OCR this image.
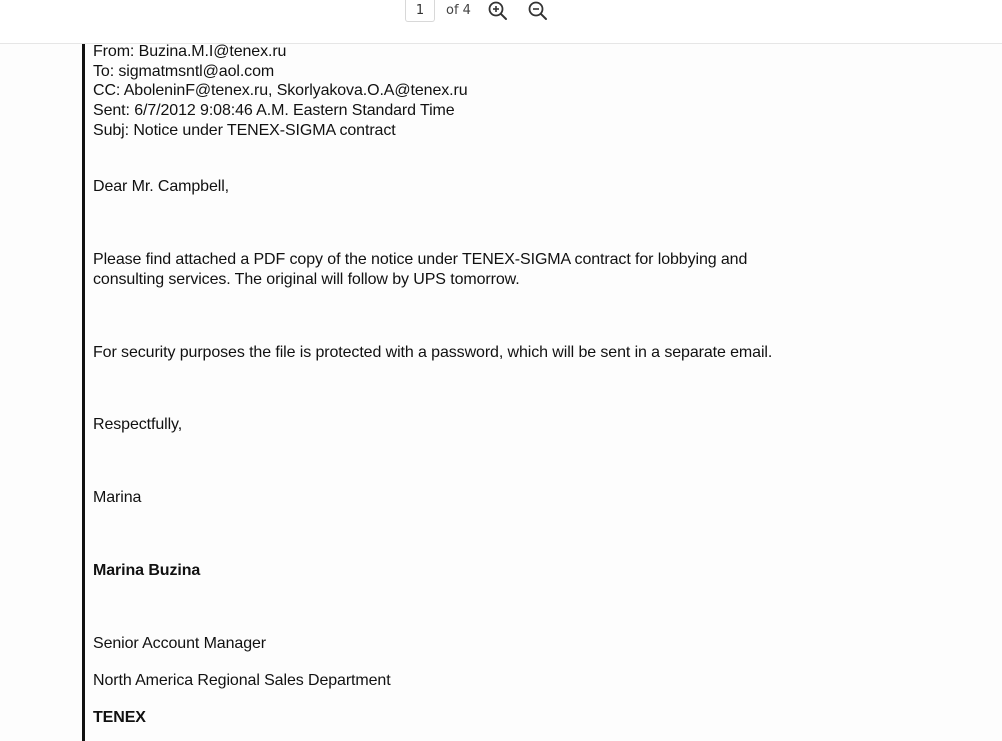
1
of 4
From: Buzina.M.I@tenex.ru
To: sigmatmsntl@aol.com
CC: AboleninF@tenex.ru, Skorlyakova.O.A@tenex.ru
Sent: 6/7/2012 9:08:46 A.M. Eastern Standard Time
Subj: Notice under TENEX-SIGMA contract
Dear Mr. Campbell,
Please find attached a PDF copy of the notice under TENEX-SIGMA contract for lobbying and
consulting services. The original will follow by UPS tomorrow.
For security purposes the file is protected with a password, which will be sent in a separate email.
Respectfully,
Marina
Marina Buzina
Senior Account Manager
North America Regional Sales Department
TENEX
